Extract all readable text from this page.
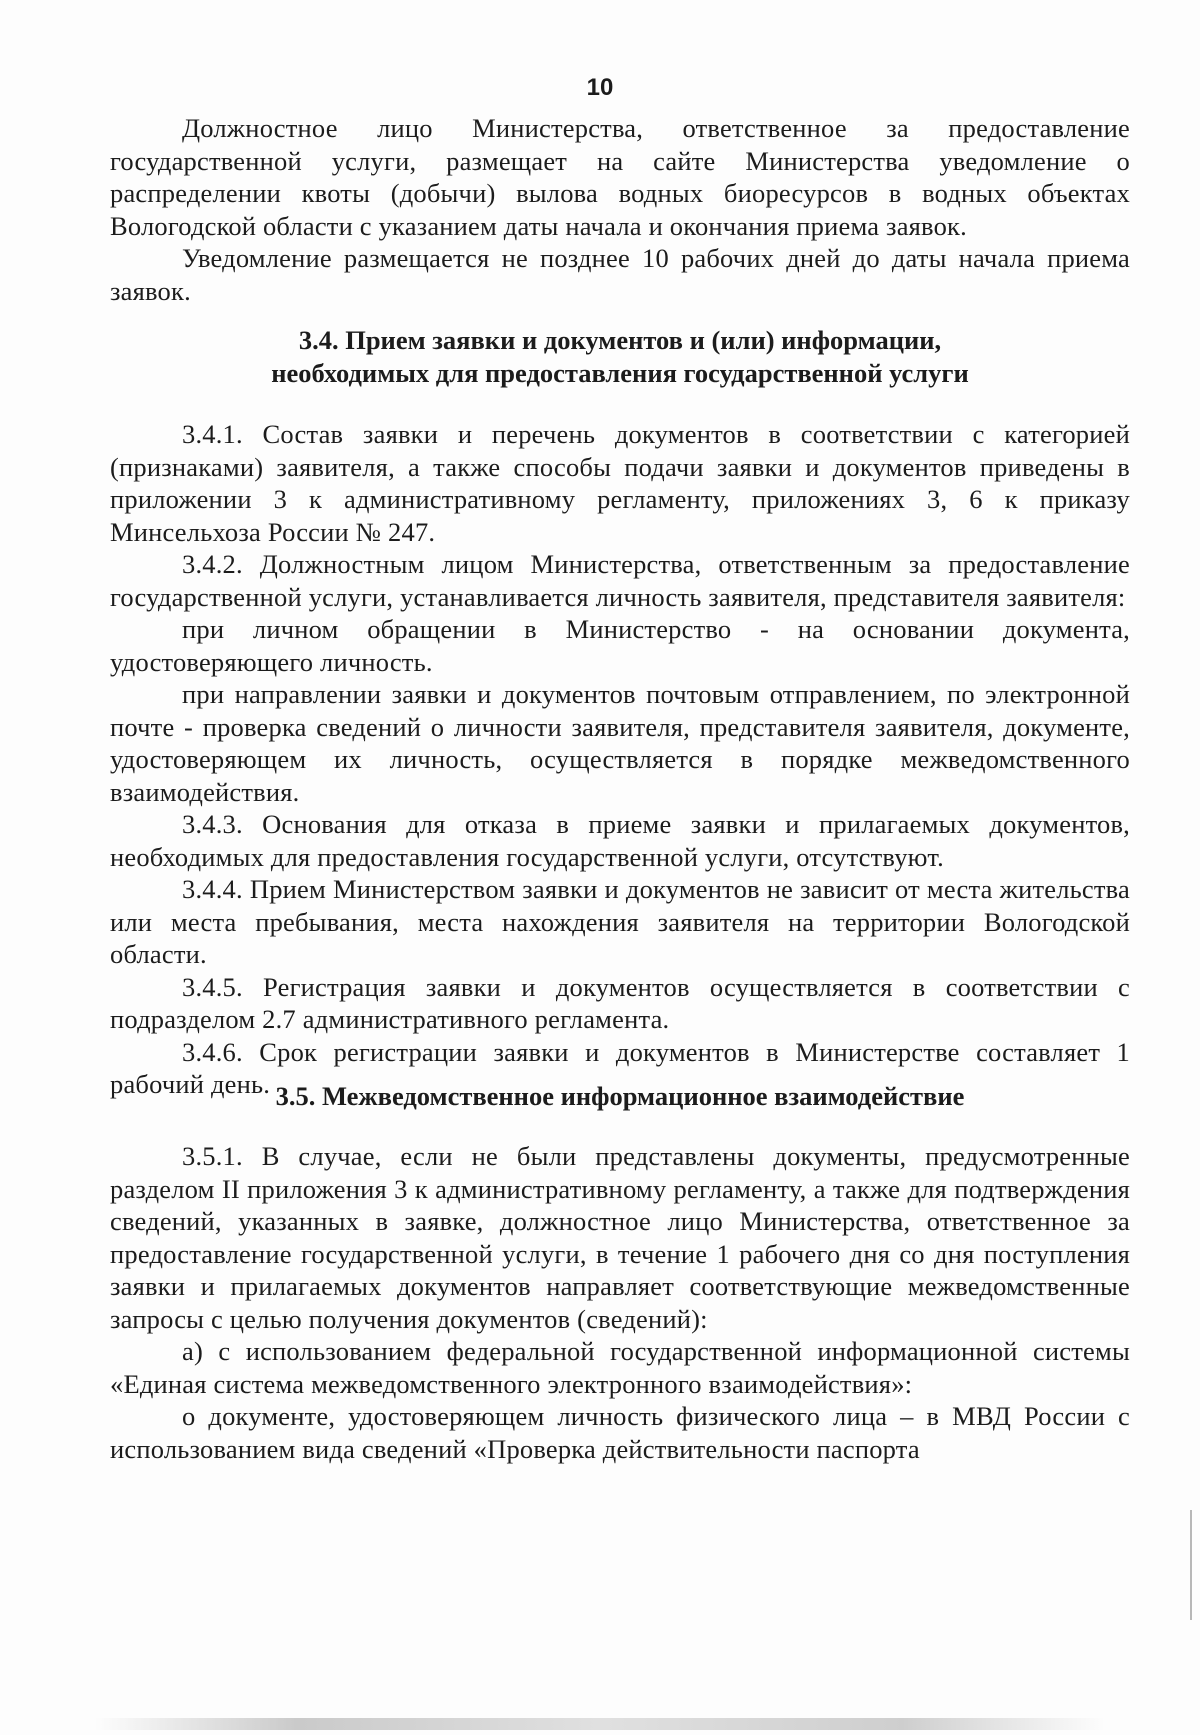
10

Должностное лицо Министерства, ответственное за предоставление государственной услуги, размещает на сайте Министерства уведомление о распределении квоты (добычи) вылова водных биоресурсов в водных объектах Вологодской области с указанием даты начала и окончания приема заявок.

Уведомление размещается не позднее 10 рабочих дней до даты начала приема заявок.

3.4. Прием заявки и документов и (или) информации,
необходимых для предоставления государственной услуги

3.4.1. Состав заявки и перечень документов в соответствии с категорией (признаками) заявителя, а также способы подачи заявки и документов приведены в приложении 3 к административному регламенту, приложениях 3, 6 к приказу Минсельхоза России № 247.

3.4.2. Должностным лицом Министерства, ответственным за предоставление государственной услуги, устанавливается личность заявителя, представителя заявителя:

при личном обращении в Министерство - на основании документа, удостоверяющего личность.

при направлении заявки и документов почтовым отправлением, по электронной почте - проверка сведений о личности заявителя, представителя заявителя, документе, удостоверяющем их личность, осуществляется в порядке межведомственного взаимодействия.

3.4.3. Основания для отказа в приеме заявки и прилагаемых документов, необходимых для предоставления государственной услуги, отсутствуют.

3.4.4. Прием Министерством заявки и документов не зависит от места жительства или места пребывания, места нахождения заявителя на территории Вологодской области.

3.4.5. Регистрация заявки и документов осуществляется в соответствии с подразделом 2.7 административного регламента.

3.4.6. Срок регистрации заявки и документов в Министерстве составляет 1 рабочий день. 3.5. Межведомственное информационное взаимодействие

3.5.1. В случае, если не были представлены документы, предусмотренные разделом II приложения 3 к административному регламенту, а также для подтверждения сведений, указанных в заявке, должностное лицо Министерства, ответственное за предоставление государственной услуги, в течение 1 рабочего дня со дня поступления заявки и прилагаемых документов направляет соответствующие межведомственные запросы с целью получения документов (сведений):

а) с использованием федеральной государственной информационной системы «Единая система межведомственного электронного взаимодействия»:

о документе, удостоверяющем личность физического лица – в МВД России с использованием вида сведений «Проверка действительности паспорта
